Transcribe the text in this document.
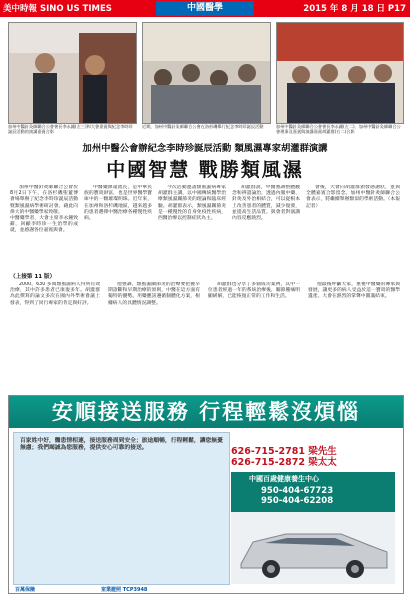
美中時報 SINO US TIMES	2015 年 8 月 18 日 P17
中國醫學
加州中醫針灸師聯合公會會長李永鍾(左三)和大會嘉賓與紀念李時珍誕辰活動的演講嘉賓合影
近期，加州中醫針灸師聯合公會在洛杉磯舉行紀念李時珍誕辰活動	加州中醫針灸師聯合公會會長李永鍾(左二)、加州中醫針灸師聯合公會理事及嘉賓與演講嘉賓胡灌群(右二)合影
加州中醫公會辦紀念李時珍誕辰活動 類風濕專家胡灌群演講
中國智慧 戰勝類風濕
加州中醫針灸師聯合公會於8月2日下午，在洛杉磯聖蓋博會場舉辦了紀念李時珍誕辰活動暨類風濕病學術研討會。藉此向偉大的中醫藥學家致敬。
中醫藥學者、大會主席李永鍾致辭，回顧李時珍一生治學的成就，並感謝各位嘉賓與會。
中醫藥源遠流長，是中華民族的寶貴財富，也是世界醫學寶庫中的一顆璀璨明珠。近年來，在加州和洛杉磯地區，越來越多的患者選擇中醫治療各種慢性疾病。
今次活動邀請類風濕病專家胡灌群主講，以中國傳統醫學治療類風濕關節炎的理論和臨床經驗。胡灌群表示，類風濕關節炎是一種慢性的自身免疫性疾病，西醫治療以控制症狀為主。
胡灌群說，中醫強調整體觀念和辨證論治，透過內服中藥、針灸及外治相結合，可以從根本上改善患者的體質，減少復發，並提高生活品質。與會者對演講內容反應熱烈。
會後，大會向胡灌群頒發感謝狀，並與全體嘉賓合影留念。加州中醫針灸師聯合公會表示，將繼續舉辦類似的學術活動。（本報記者）
（上接第 11 版）
2000，630 多萬類風濕病人得到有效治療，其中許多患者已康復多年。胡灌群為此撰寫的論文多次在國內外學術會議上發表，得到了同行專家的肯定與好評。
他強調，類風濕關節炎的治療要把握早期診斷和早期治療的原則，中醫在這方面有獨特的優勢。用藥應該遵循個體化方案，根據病人的具體情況調整。
胡灌群也分享了多個成功案例，其中一位患者經過一年的系統治療後，關節腫痛明顯緩解，已能恢復正常的工作和生活。
他最後呼籲大家，重視中醫藥的傳承與發展，讓更多的病人受益於這一寶貴的醫學遺產。大會在熱烈的掌聲中圓滿結束。
安順接送服務 行程輕鬆沒煩惱
百家姓中好，醫患情相連，接送服務周到安全；旅途順暢，行程輕鬆，讓您無憂無慮；我們竭誠為您服務，提供安心可靠的接送。	626-715-2781 梁先生
626-715-2872 梁太太
中國百歲健康養生中心
950-404-67723
950-404-62208
百萬保險	室業證照 TCP3948
